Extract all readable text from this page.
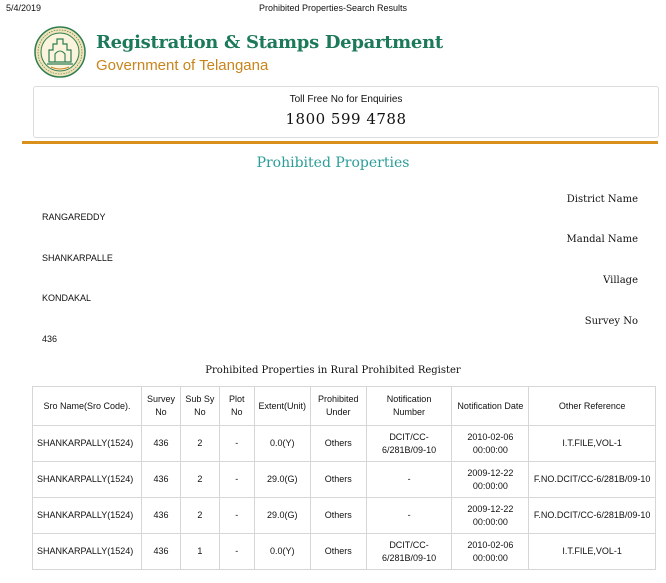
5/4/2019	Prohibited Properties-Search Results
Registration & Stamps Department
Government of Telangana
Toll Free No for Enquiries
1800 599 4788
Prohibited Properties
District Name
RANGAREDDY
Mandal Name
SHANKARPALLE
Village
KONDAKAL
Survey No
436
Prohibited Properties in Rural Prohibited Register
Sro Name(Sro Code).	Survey No	Sub Sy No	Plot No	Extent(Unit)	Prohibited Under	Notification Number	Notification Date	Other Reference
SHANKARPALLY(1524)	436	2	-	0.0(Y)	Others	DCIT/CC-6/281B/09-10	2010-02-06 00:00:00	I.T.FILE,VOL-1
SHANKARPALLY(1524)	436	2	-	29.0(G)	Others	-	2009-12-22 00:00:00	F.NO.DCIT/CC-6/281B/09-10
SHANKARPALLY(1524)	436	2	-	29.0(G)	Others	-	2009-12-22 00:00:00	F.NO.DCIT/CC-6/281B/09-10
SHANKARPALLY(1524)	436	1	-	0.0(Y)	Others	DCIT/CC-6/281B/09-10	2010-02-06 00:00:00	I.T.FILE,VOL-1
